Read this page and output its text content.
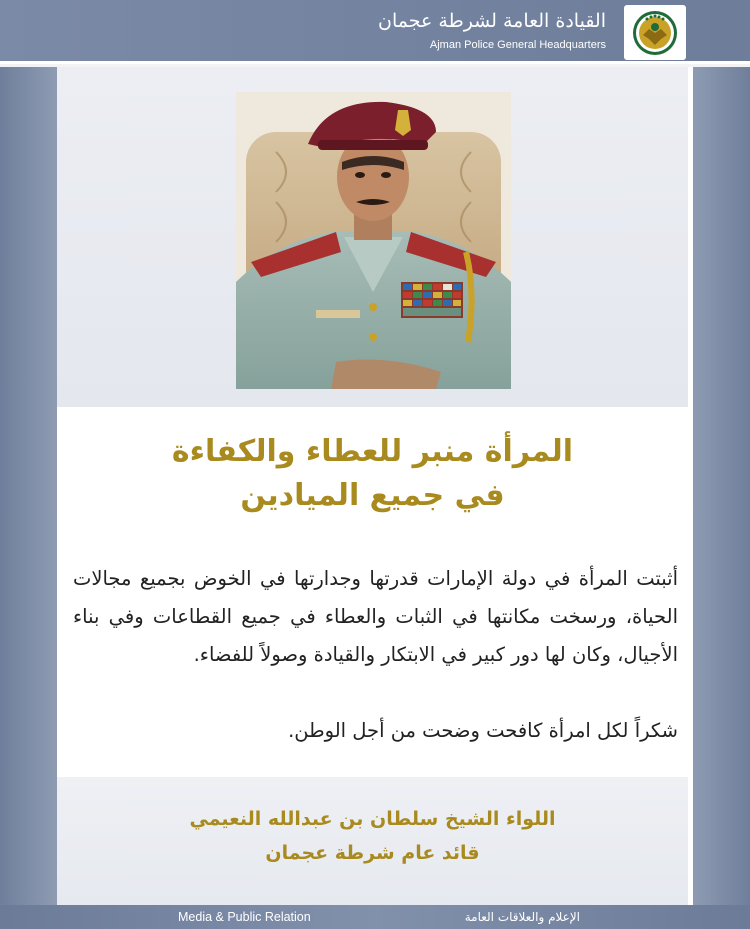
القيادة العامة لشرطة عجمان
Ajman Police General Headquarters
المرأة منبر للعطاء والكفاءة
في جميع الميادين
أثبتت المرأة في دولة الإمارات قدرتها وجدارتها في الخوض بجميع مجالات الحياة، ورسخت مكانتها في الثبات والعطاء في جميع القطاعات وفي بناء الأجيال، وكان لها دور كبير في الابتكار والقيادة وصولاً للفضاء.
شكراً لكل امرأة كافحت وضحت من أجل الوطن.
اللواء الشيخ سلطان بن عبدالله النعيمي
قائد عام شرطة عجمان
Media & Public Relation	الإعلام والعلاقات العامة
